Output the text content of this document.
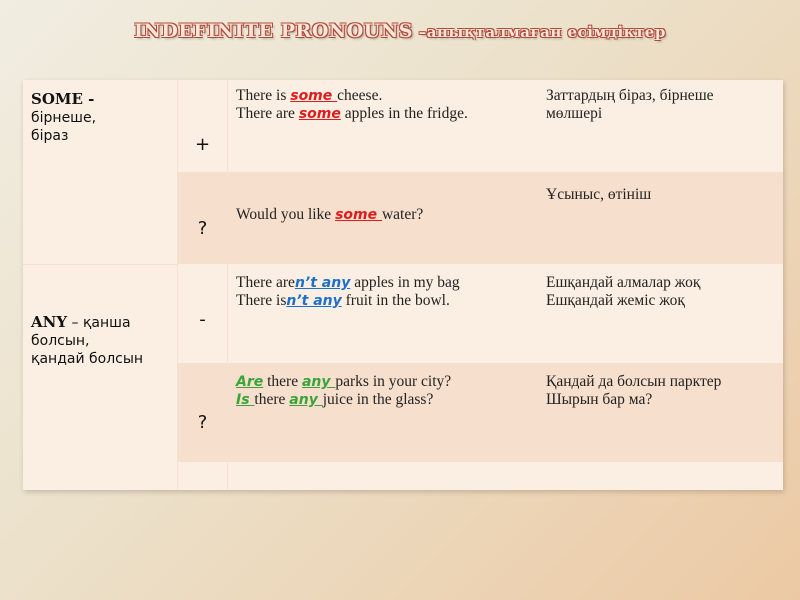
INDEFINITE PRONOUNS –анықталмаған есімдіктер
SOME -
бірнеше,
біраз	+
There is some cheese.
There are some apples in the fridge.
Заттардың біраз, бірнеше
мөлшері
?
Would you like some water?
Ұсыныс, өтініш
ANY – қанша
болсын,
қандай болсын
-
There aren’t any apples in my bag
There isn’t any fruit in the bowl.
Ешқандай алмалар жоқ
Ешқандай жеміс жоқ
?
Are there any parks in your city?
Is there any juice in the glass?
Қандай да болсын парктер
Шырын бар ма?
